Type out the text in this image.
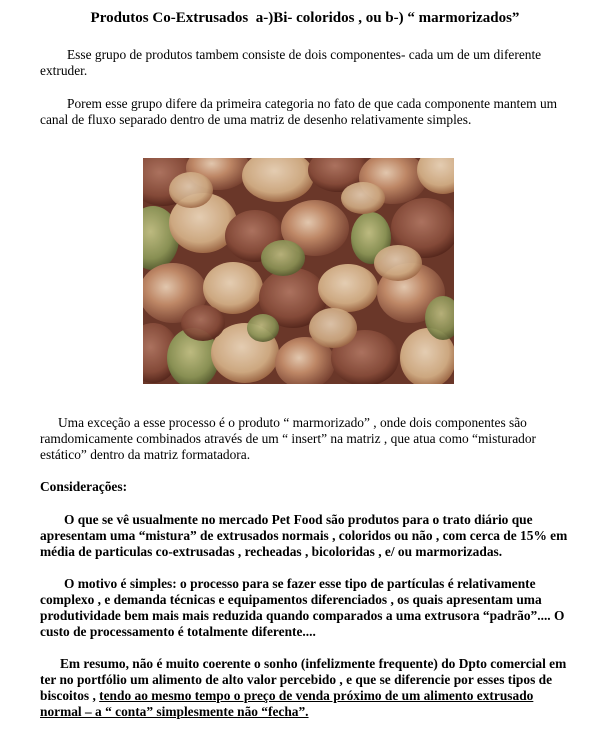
Produtos Co-Extrusados  a-)Bi- coloridos , ou b-) “ marmorizados”

Esse grupo de produtos tambem consiste de dois componentes- cada um de um diferente extruder.

Porem esse grupo difere da primeira categoria no fato de que cada componente mantem um canal de fluxo separado dentro de uma matriz de desenho relativamente simples.

Uma exceção a esse processo é o produto “ marmorizado” , onde dois componentes são ramdomicamente combinados através de um “ insert” na matriz , que atua como “misturador estático” dentro da matriz formatadora.

Considerações:

O que se vê usualmente no mercado Pet Food são produtos para o trato diário que apresentam uma “mistura” de extrusados normais , coloridos ou não , com cerca de 15% em média de particulas co-extrusadas , recheadas , bicoloridas , e/ ou marmorizadas.

O motivo é simples: o processo para se fazer esse tipo de partículas é relativamente complexo , e demanda técnicas e equipamentos diferenciados , os quais apresentam uma produtividade bem mais mais reduzida quando comparados a uma extrusora “padrão”.... O custo de processamento é totalmente diferente....

Em resumo, não é muito coerente o sonho (infelizmente frequente) do Dpto comercial em ter no portfólio um alimento de alto valor percebido , e que se diferencie por esses tipos de biscoitos , tendo ao mesmo tempo o preço de venda próximo de um alimento extrusado normal – a “ conta” simplesmente não “fecha”.
